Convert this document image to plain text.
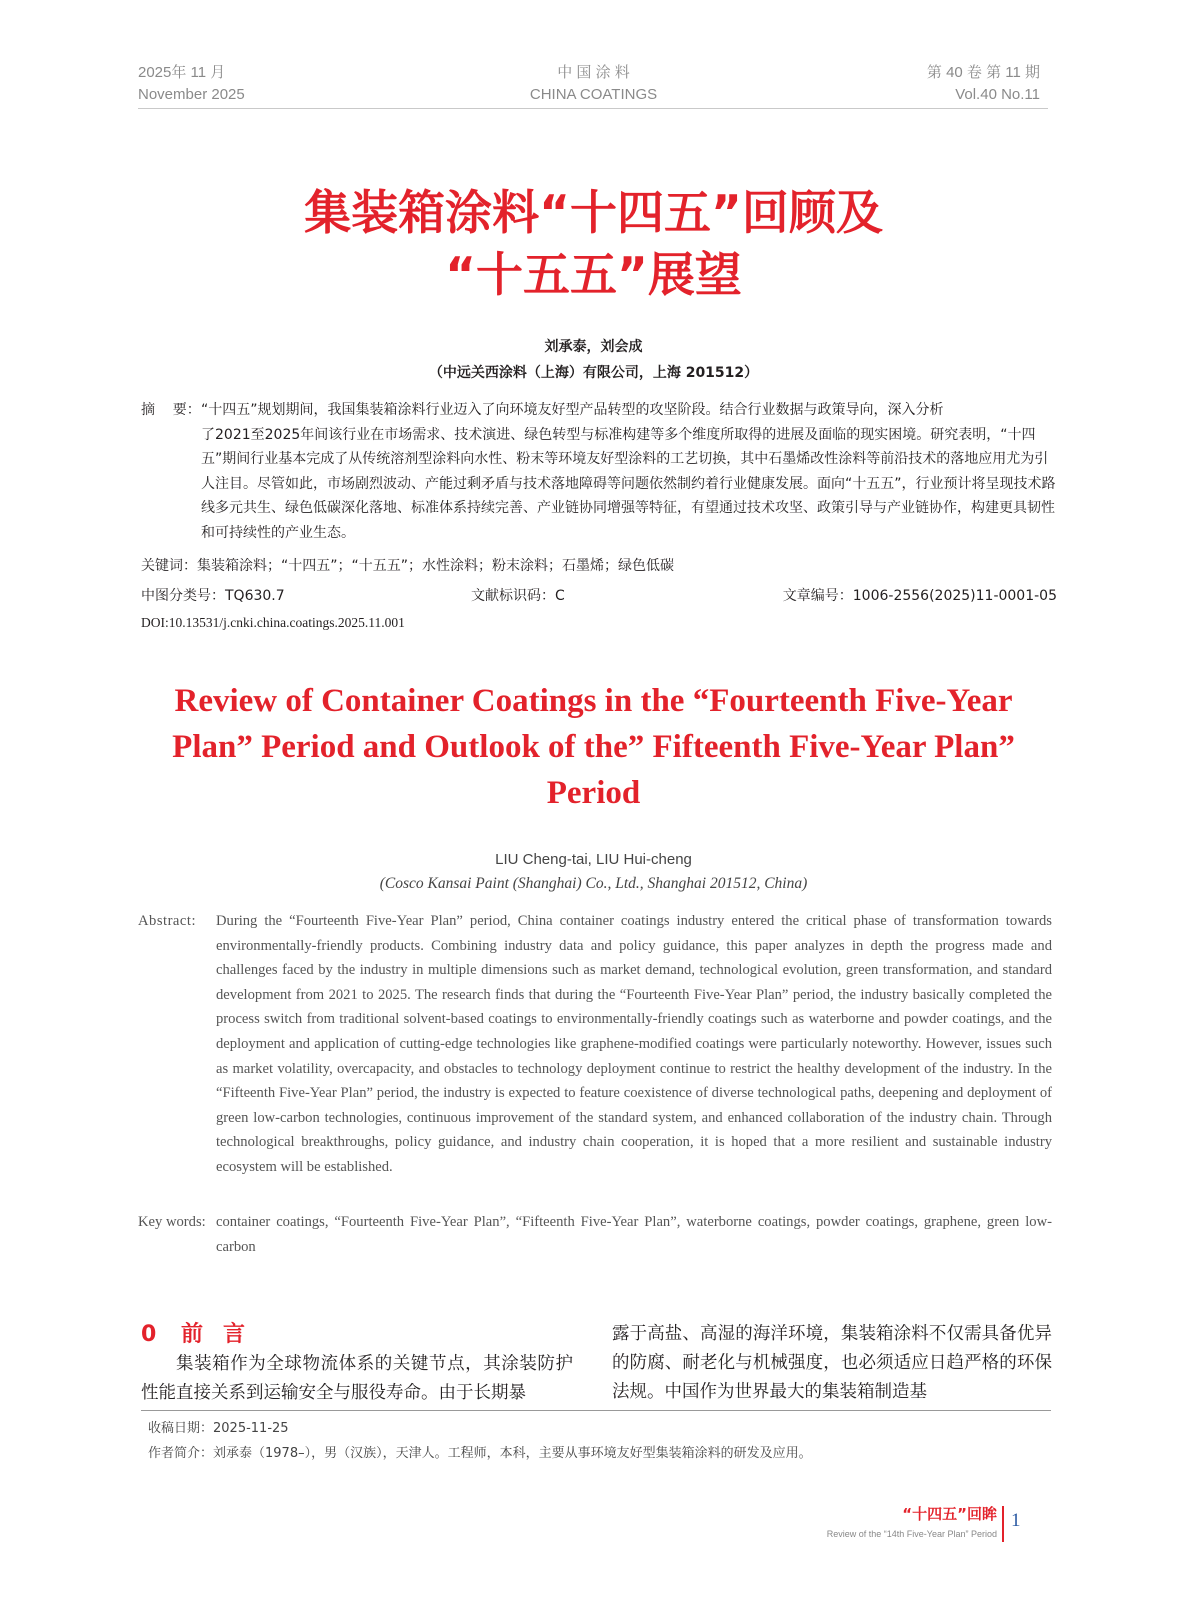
2025年 11 月
November 2025
中 国 涂 料
CHINA COATINGS
第 40 卷 第 11 期
Vol.40 No.11
集装箱涂料“十四五”回顾及
“十五五”展望
刘承泰，刘会成
（中远关西涂料（上海）有限公司，上海 201512）
摘    要： “十四五”规划期间，我国集装箱涂料行业迈入了向环境友好型产品转型的攻坚阶段。结合行业数据与政策导向，深入分析
了2021至2025年间该行业在市场需求、技术演进、绿色转型与标准构建等多个维度所取得的进展及面临的现实困境。研究表明，“十四五”期间行业基本完成了从传统溶剂型涂料向水性、粉末等环境友好型涂料的工艺切换，其中石墨烯改性涂料等前沿技术的落地应用尤为引人注目。尽管如此，市场剧烈波动、产能过剩矛盾与技术落地障碍等问题依然制约着行业健康发展。面向“十五五”，行业预计将呈现技术路线多元共生、绿色低碳深化落地、标准体系持续完善、产业链协同增强等特征，有望通过技术攻坚、政策引导与产业链协作，构建更具韧性和可持续性的产业生态。
关键词：集装箱涂料；“十四五”；“十五五”；水性涂料；粉末涂料；石墨烯；绿色低碳
中图分类号：TQ630.7	文献标识码：C	文章编号：1006-2556(2025)11-0001-05
DOI:10.13531/j.cnki.china.coatings.2025.11.001
Review of Container Coatings in the “Fourteenth Five-Year
Plan” Period and Outlook of the” Fifteenth Five-Year Plan”
Period
LIU Cheng-tai, LIU Hui-cheng
(Cosco Kansai Paint (Shanghai) Co., Ltd., Shanghai 201512, China)
Abstract: During the “Fourteenth Five-Year Plan” period, China container coatings industry entered the critical phase of transformation towards environmentally-friendly products. Combining industry data and policy guidance, this paper analyzes in depth the progress made and challenges faced by the industry in multiple dimensions such as market demand, technological evolution, green transformation, and standard development from 2021 to 2025. The research finds that during the “Fourteenth Five-Year Plan” period, the industry basically completed the process switch from traditional solvent-based coatings to environmentally-friendly coatings such as waterborne and powder coatings, and the deployment and application of cutting-edge technologies like graphene-modified coatings were particularly noteworthy. However, issues such as market volatility, overcapacity, and obstacles to technology deployment continue to restrict the healthy development of the industry. In the “Fifteenth Five-Year Plan” period, the industry is expected to feature coexistence of diverse technological paths, deepening and deployment of green low-carbon technologies, continuous improvement of the standard system, and enhanced collaboration of the industry chain. Through technological breakthroughs, policy guidance, and industry chain cooperation, it is hoped that a more resilient and sustainable industry ecosystem will be established.
Key words: container coatings, “Fourteenth Five-Year Plan”, “Fifteenth Five-Year Plan”, waterborne coatings, powder coatings, graphene, green low-carbon
0 前言

集装箱作为全球物流体系的关键节点，其涂装防护性能直接关系到运输安全与服役寿命。由于长期暴

露于高盐、高湿的海洋环境，集装箱涂料不仅需具备优异的防腐、耐老化与机械强度，也必须适应日趋严格的环保法规。中国作为世界最大的集装箱制造基

收稿日期：2025-11-25
作者简介：刘承泰（1978–），男（汉族），天津人。工程师，本科，主要从事环境友好型集装箱涂料的研发及应用。
“十四五”回眸
Review of the “14th Five-Year Plan” Period
1
